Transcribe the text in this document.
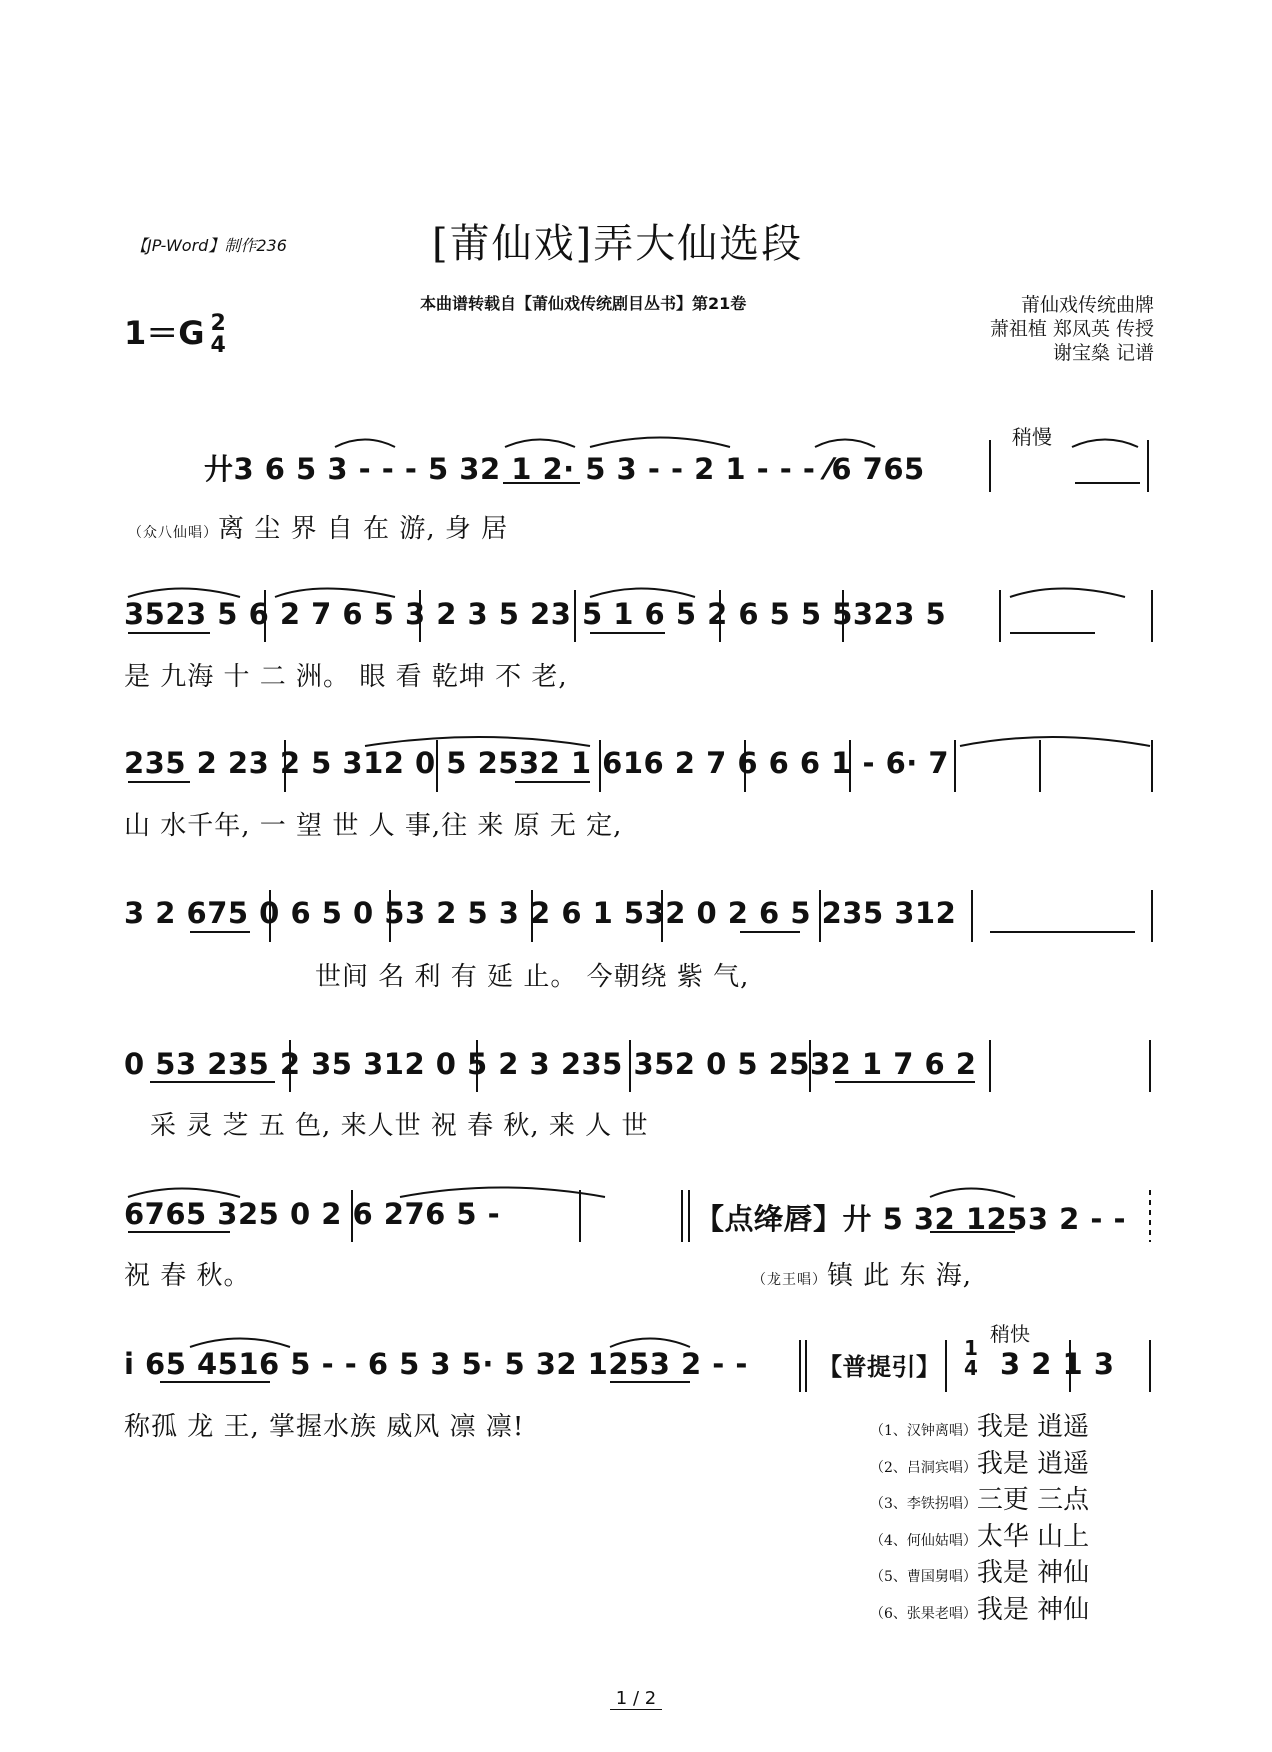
【JP-Word】制作236	[莆仙戏]弄大仙选段
本曲谱转载自【莆仙戏传统剧目丛书】第21卷
1＝G 2
4
莆仙戏传统曲牌
萧祖植 郑凤英 传授
谢宝燊 记谱
稍慢
廾3 6 5 3 - - - 5 32 1 2· 5 3 - - 2 1 - - - ⁄6 765
（众八仙唱）离 尘 界 自 在 游, 身 居
3523 5 6 2 7 6 5 3 2 3 5 23 5 1 6 5 2 6 5 5 5323 5
是 九海 十 二 洲。 眼 看 乾坤 不 老,
235 2 23 2 5 312 0 5 2532 1 616 2 7 6 6 6 1 - 6· 7
山 水千年, 一 望 世 人 事,往 来 原 无 定,
3 2 675 0 6 5 0 53 2 5 3 2 6 1 532 0 2 6 5 235 312
世间 名 利 有 延 止。 今朝绕 紫 气,
0 53 235 2 35 312 0 5 2 3 235 352 0 5 2532 1 7 6 2
采 灵 芝 五 色, 来人世 祝 春 秋, 来 人 世
6765 325 0 2 6 276 5 -	【点绛唇】廾 5 32 1253 2 - -
祝 春 秋。	（龙王唱）镇 此 东 海,
稍快
i 65 4516 5 - - 6 5 3 5· 5 32 1253 2 - -	【普提引】
1
4 3 2 1 3
称孤 龙 王, 掌握水族 威风 凛 凛!	（1、汉钟离唱）我是 逍遥
（2、吕洞宾唱）我是 逍遥
（3、李铁拐唱）三更 三点
（4、何仙姑唱）太华 山上
（5、曹国舅唱）我是 神仙
（6、张果老唱）我是 神仙
1 / 2
